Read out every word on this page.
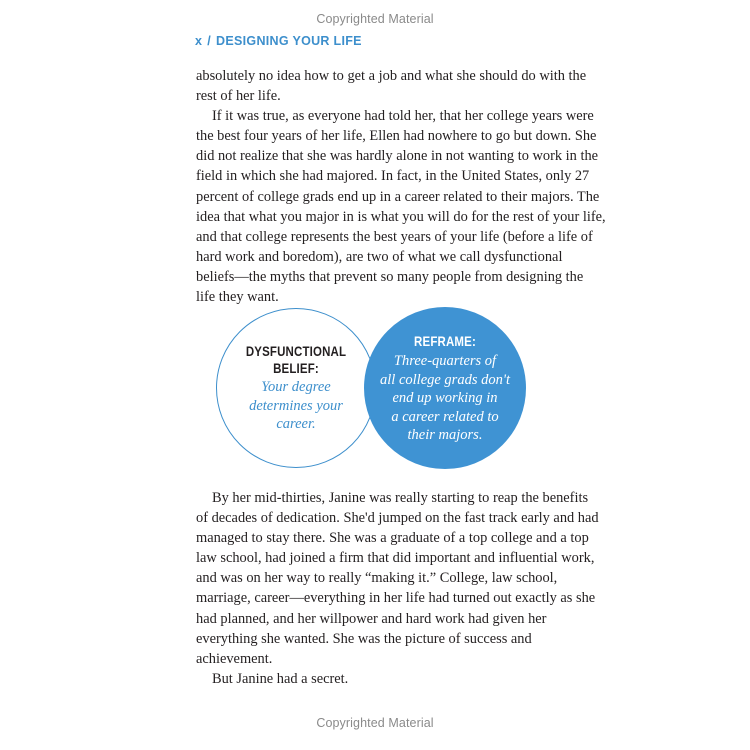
Copyrighted Material
x / DESIGNING YOUR LIFE
absolutely no idea how to get a job and what she should do with the
rest of her life.
If it was true, as everyone had told her, that her college years were
the best four years of her life, Ellen had nowhere to go but down. She
did not realize that she was hardly alone in not wanting to work in the
field in which she had majored. In fact, in the United States, only 27
percent of college grads end up in a career related to their majors. The
idea that what you major in is what you will do for the rest of your life,
and that college represents the best years of your life (before a life of
hard work and boredom), are two of what we call dysfunctional
beliefs—the myths that prevent so many people from designing the
life they want.
DYSFUNCTIONAL
BELIEF:
Your degree
determines your
career.
REFRAME:
Three-quarters of
all college grads don't
end up working in
a career related to
their majors.
By her mid-thirties, Janine was really starting to reap the benefits
of decades of dedication. She'd jumped on the fast track early and had
managed to stay there. She was a graduate of a top college and a top
law school, had joined a firm that did important and influential work,
and was on her way to really “making it.” College, law school,
marriage, career—everything in her life had turned out exactly as she
had planned, and her willpower and hard work had given her
everything she wanted. She was the picture of success and
achievement.
But Janine had a secret.
Copyrighted Material
